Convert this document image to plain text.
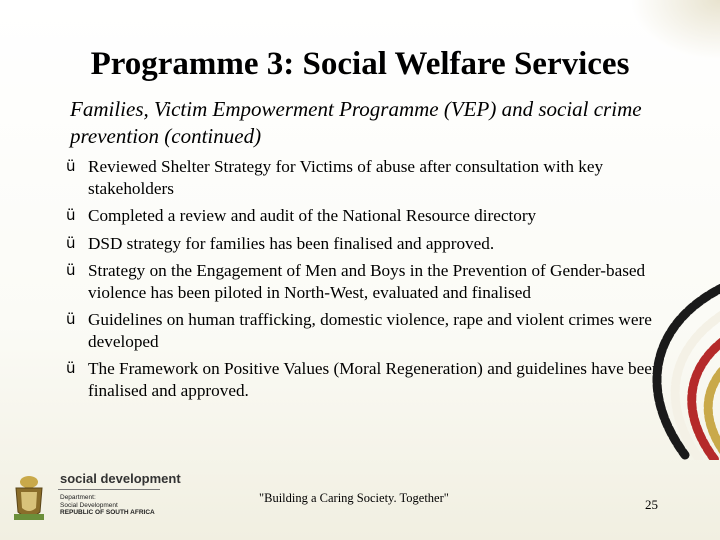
Programme 3: Social Welfare Services
Families, Victim Empowerment Programme (VEP) and social crime prevention (continued)
ü Reviewed Shelter Strategy for Victims of abuse after consultation with key stakeholders
ü Completed a review and audit of the National Resource directory
ü DSD strategy for families has been finalised and approved.
ü Strategy on the Engagement of Men and Boys in the Prevention of Gender-based violence has been piloted in North-West, evaluated and finalised
ü Guidelines on human trafficking, domestic violence, rape and violent crimes were developed
ü The Framework on Positive Values (Moral Regeneration) and guidelines have been finalised and approved.
social development
Department:
Social Development
REPUBLIC OF SOUTH AFRICA
"Building a Caring Society. Together"	25
